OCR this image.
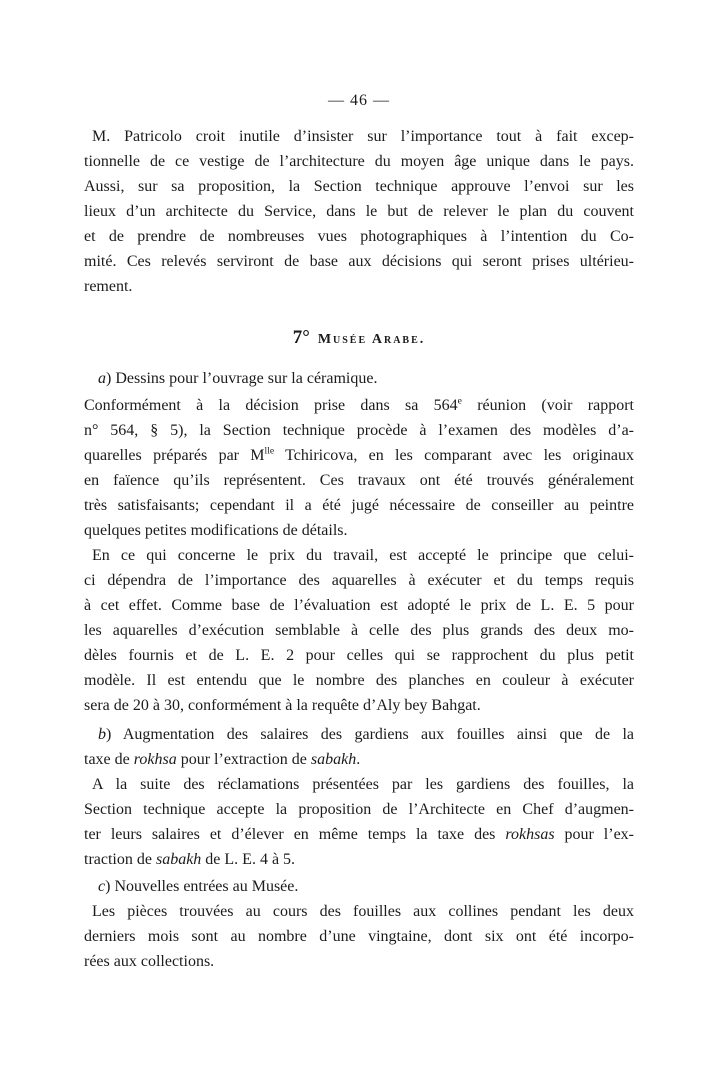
— 46 —
M. Patricolo croit inutile d’insister sur l’importance tout à fait excep-
tionnelle de ce vestige de l’architecture du moyen âge unique dans le pays.
Aussi, sur sa proposition, la Section technique approuve l’envoi sur les
lieux d’un architecte du Service, dans le but de relever le plan du couvent
et de prendre de nombreuses vues photographiques à l’intention du Co-
mité. Ces relevés serviront de base aux décisions qui seront prises ultérieu-
rement.
7°  Musée Arabe.
a) Dessins pour l’ouvrage sur la céramique.
Conformément à la décision prise dans sa 564e réunion (voir rapport
n° 564, § 5), la Section technique procède à l’examen des modèles d’a-
quarelles préparés par $M^{lle}$ Tchiricova, en les comparant avec les originaux
en faïence qu’ils représentent. Ces travaux ont été trouvés généralement
très satisfaisants; cependant il a été jugé nécessaire de conseiller au peintre
quelques petites modifications de détails.
En ce qui concerne le prix du travail, est accepté le principe que celui-
ci dépendra de l’importance des aquarelles à exécuter et du temps requis
à cet effet. Comme base de l’évaluation est adopté le prix de L. E. 5 pour
les aquarelles d’exécution semblable à celle des plus grands des deux mo-
dèles fournis et de L. E. 2 pour celles qui se rapprochent du plus petit
modèle. Il est entendu que le nombre des planches en couleur à exécuter
sera de 20 à 30, conformément à la requête d’Aly bey Bahgat.
b) Augmentation des salaires des gardiens aux fouilles ainsi que de la
taxe de rokhsa pour l’extraction de sabakh.
A la suite des réclamations présentées par les gardiens des fouilles, la
Section technique accepte la proposition de l’Architecte en Chef d’augmen-
ter leurs salaires et d’élever en même temps la taxe des rokhsas pour l’ex-
traction de sabakh de L. E. 4 à 5.
c) Nouvelles entrées au Musée.
Les pièces trouvées au cours des fouilles aux collines pendant les deux
derniers mois sont au nombre d’une vingtaine, dont six ont été incorpo-
rées aux collections.
